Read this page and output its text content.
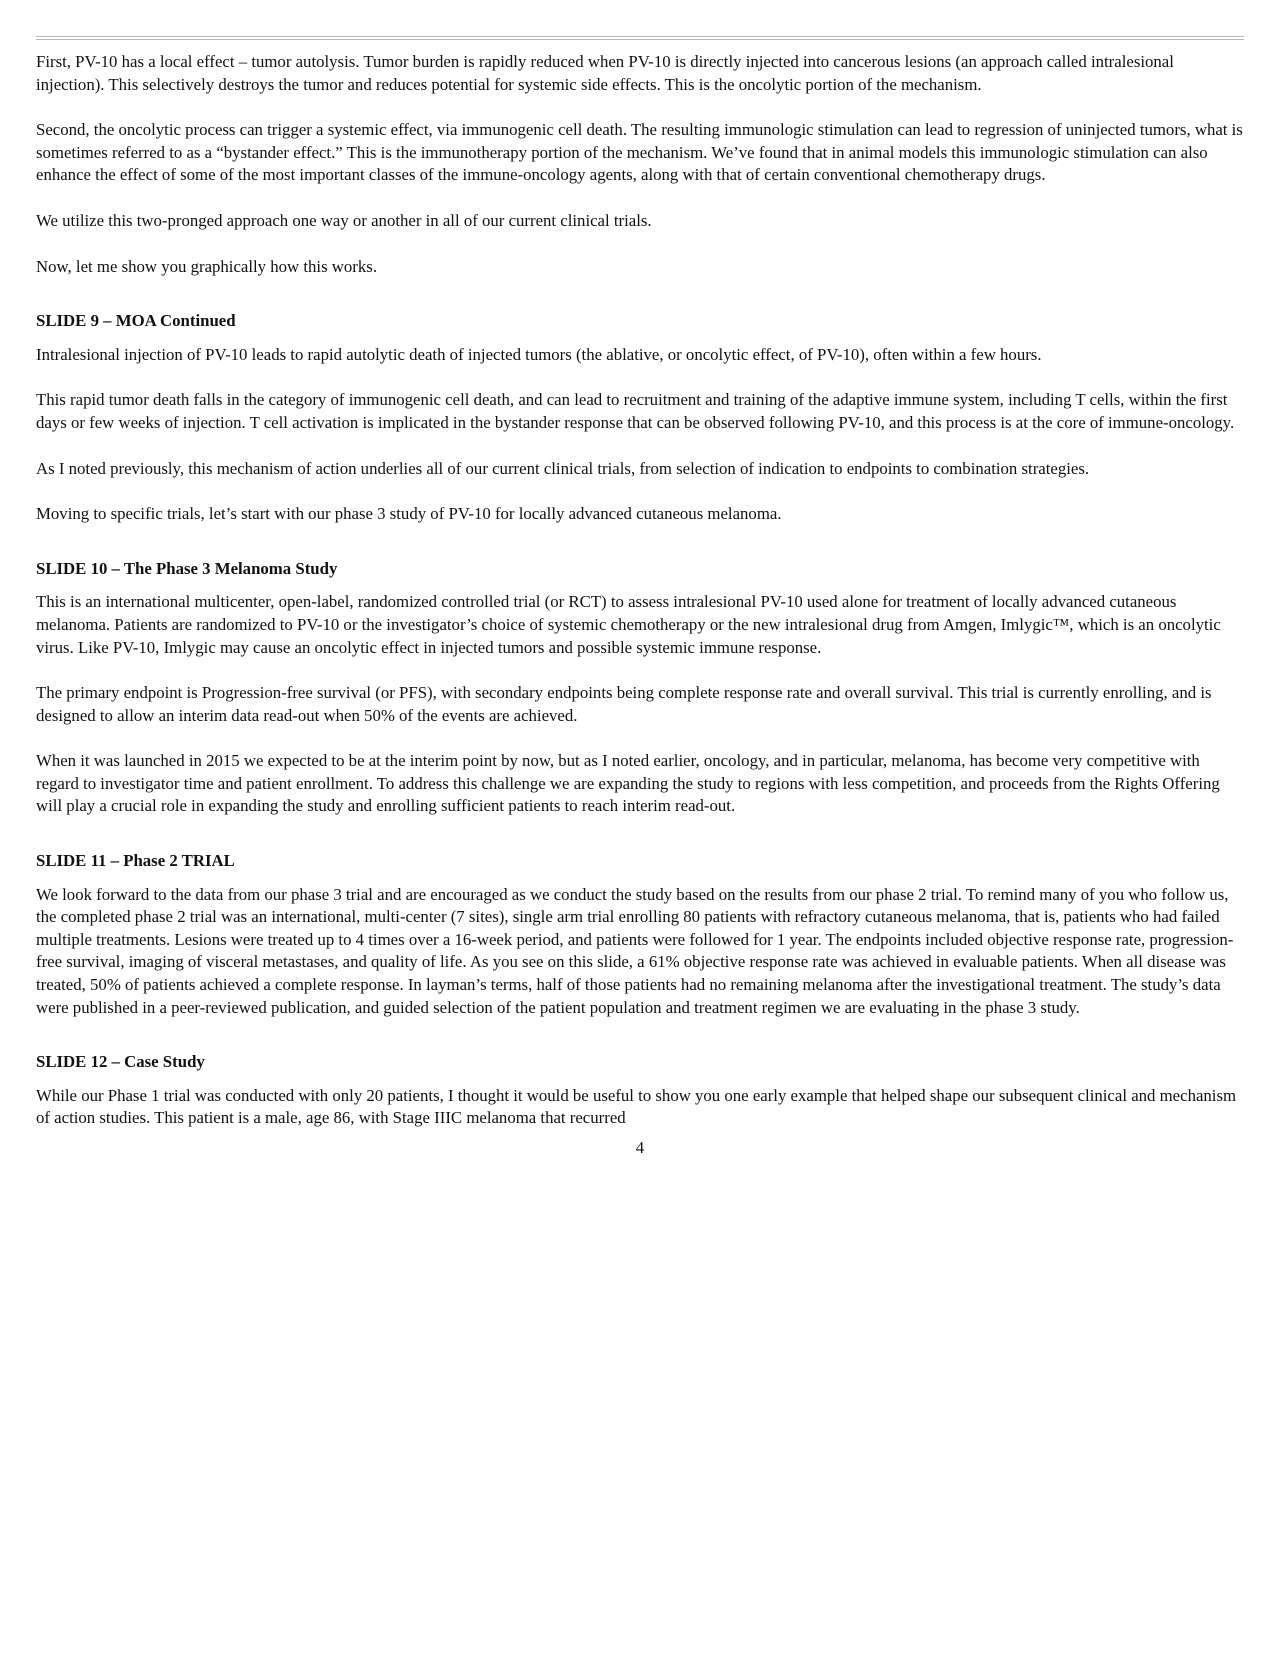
First, PV-10 has a local effect – tumor autolysis. Tumor burden is rapidly reduced when PV-10 is directly injected into cancerous lesions (an approach called intralesional injection). This selectively destroys the tumor and reduces potential for systemic side effects. This is the oncolytic portion of the mechanism.

Second, the oncolytic process can trigger a systemic effect, via immunogenic cell death. The resulting immunologic stimulation can lead to regression of uninjected tumors, what is sometimes referred to as a “bystander effect.” This is the immunotherapy portion of the mechanism. We’ve found that in animal models this immunologic stimulation can also enhance the effect of some of the most important classes of the immune-oncology agents, along with that of certain conventional chemotherapy drugs.

We utilize this two-pronged approach one way or another in all of our current clinical trials.

Now, let me show you graphically how this works.

SLIDE 9 – MOA Continued

Intralesional injection of PV-10 leads to rapid autolytic death of injected tumors (the ablative, or oncolytic effect, of PV-10), often within a few hours.

This rapid tumor death falls in the category of immunogenic cell death, and can lead to recruitment and training of the adaptive immune system, including T cells, within the first days or few weeks of injection. T cell activation is implicated in the bystander response that can be observed following PV-10, and this process is at the core of immune-oncology.

As I noted previously, this mechanism of action underlies all of our current clinical trials, from selection of indication to endpoints to combination strategies.

Moving to specific trials, let’s start with our phase 3 study of PV-10 for locally advanced cutaneous melanoma.

SLIDE 10 – The Phase 3 Melanoma Study

This is an international multicenter, open-label, randomized controlled trial (or RCT) to assess intralesional PV-10 used alone for treatment of locally advanced cutaneous melanoma. Patients are randomized to PV-10 or the investigator’s choice of systemic chemotherapy or the new intralesional drug from Amgen, Imlygic™, which is an oncolytic virus. Like PV-10, Imlygic may cause an oncolytic effect in injected tumors and possible systemic immune response.

The primary endpoint is Progression-free survival (or PFS), with secondary endpoints being complete response rate and overall survival. This trial is currently enrolling, and is designed to allow an interim data read-out when 50% of the events are achieved.

When it was launched in 2015 we expected to be at the interim point by now, but as I noted earlier, oncology, and in particular, melanoma, has become very competitive with regard to investigator time and patient enrollment. To address this challenge we are expanding the study to regions with less competition, and proceeds from the Rights Offering will play a crucial role in expanding the study and enrolling sufficient patients to reach interim read-out.

SLIDE 11 – Phase 2 TRIAL

We look forward to the data from our phase 3 trial and are encouraged as we conduct the study based on the results from our phase 2 trial. To remind many of you who follow us, the completed phase 2 trial was an international, multi-center (7 sites), single arm trial enrolling 80 patients with refractory cutaneous melanoma, that is, patients who had failed multiple treatments. Lesions were treated up to 4 times over a 16-week period, and patients were followed for 1 year. The endpoints included objective response rate, progression-free survival, imaging of visceral metastases, and quality of life. As you see on this slide, a 61% objective response rate was achieved in evaluable patients. When all disease was treated, 50% of patients achieved a complete response. In layman’s terms, half of those patients had no remaining melanoma after the investigational treatment. The study’s data were published in a peer-reviewed publication, and guided selection of the patient population and treatment regimen we are evaluating in the phase 3 study.

SLIDE 12 – Case Study

While our Phase 1 trial was conducted with only 20 patients, I thought it would be useful to show you one early example that helped shape our subsequent clinical and mechanism of action studies. This patient is a male, age 86, with Stage IIIC melanoma that recurred

4
